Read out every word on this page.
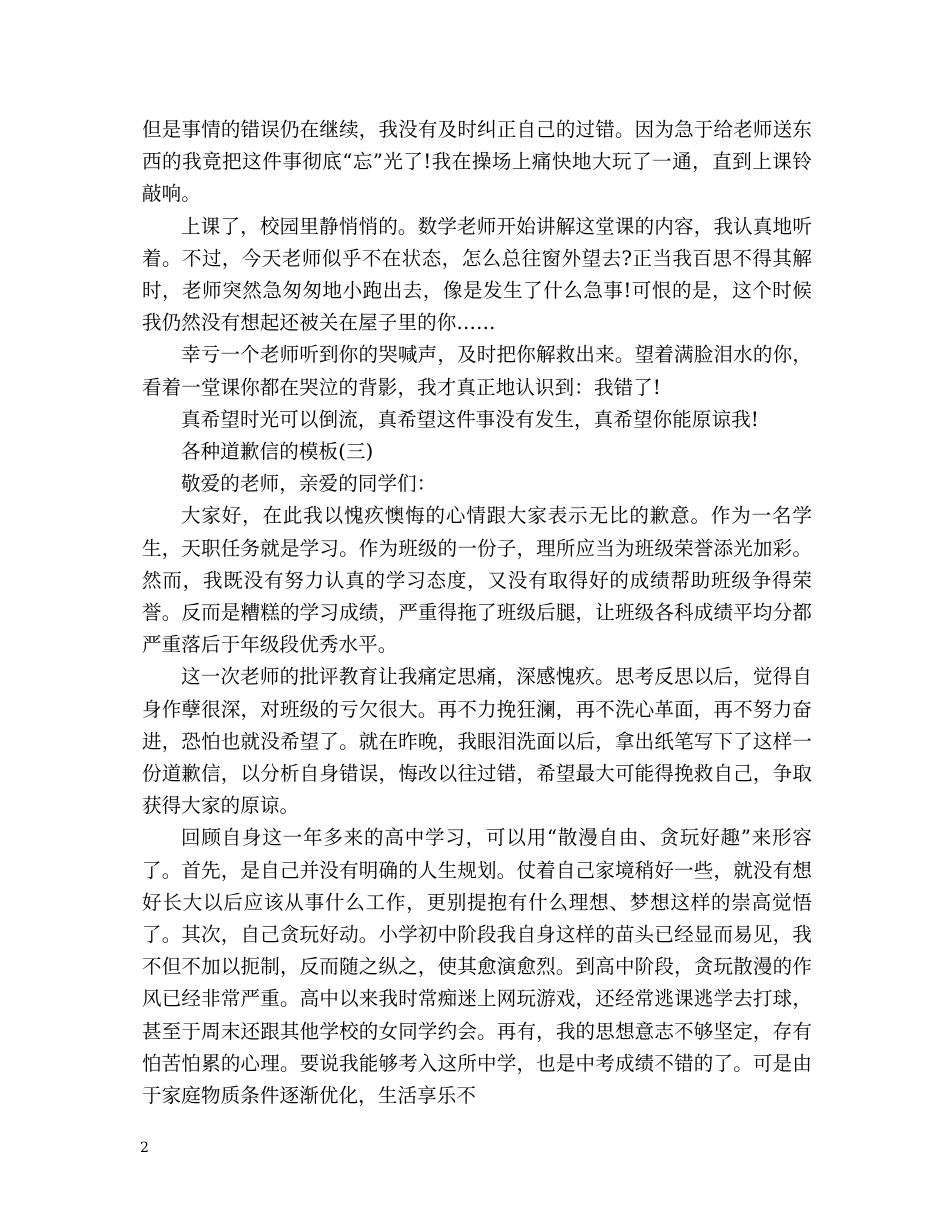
但是事情的错误仍在继续，我没有及时纠正自己的过错。因为急于给老师送东西的我竟把这件事彻底“忘”光了!我在操场上痛快地大玩了一通，直到上课铃敲响。

上课了，校园里静悄悄的。数学老师开始讲解这堂课的内容，我认真地听着。不过，今天老师似乎不在状态，怎么总往窗外望去?正当我百思不得其解时，老师突然急匆匆地小跑出去，像是发生了什么急事!可恨的是，这个时候我仍然没有想起还被关在屋子里的你……

幸亏一个老师听到你的哭喊声，及时把你解救出来。望着满脸泪水的你，看着一堂课你都在哭泣的背影，我才真正地认识到：我错了!

真希望时光可以倒流，真希望这件事没有发生，真希望你能原谅我!

各种道歉信的模板(三)

敬爱的老师，亲爱的同学们：

大家好，在此我以愧疚懊悔的心情跟大家表示无比的歉意。作为一名学生，天职任务就是学习。作为班级的一份子，理所应当为班级荣誉添光加彩。然而，我既没有努力认真的学习态度，又没有取得好的成绩帮助班级争得荣誉。反而是糟糕的学习成绩，严重得拖了班级后腿，让班级各科成绩平均分都严重落后于年级段优秀水平。

这一次老师的批评教育让我痛定思痛，深感愧疚。思考反思以后，觉得自身作孽很深，对班级的亏欠很大。再不力挽狂澜，再不洗心革面，再不努力奋进，恐怕也就没希望了。就在昨晚，我眼泪洗面以后，拿出纸笔写下了这样一份道歉信，以分析自身错误，悔改以往过错，希望最大可能得挽救自己，争取获得大家的原谅。

回顾自身这一年多来的高中学习，可以用“散漫自由、贪玩好趣”来形容了。首先，是自己并没有明确的人生规划。仗着自己家境稍好一些，就没有想好长大以后应该从事什么工作，更别提抱有什么理想、梦想这样的崇高觉悟了。其次，自己贪玩好动。小学初中阶段我自身这样的苗头已经显而易见，我不但不加以扼制，反而随之纵之，使其愈演愈烈。到高中阶段，贪玩散漫的作风已经非常严重。高中以来我时常痴迷上网玩游戏，还经常逃课逃学去打球，甚至于周末还跟其他学校的女同学约会。再有，我的思想意志不够坚定，存有怕苦怕累的心理。要说我能够考入这所中学，也是中考成绩不错的了。可是由于家庭物质条件逐渐优化，生活享乐不

2
